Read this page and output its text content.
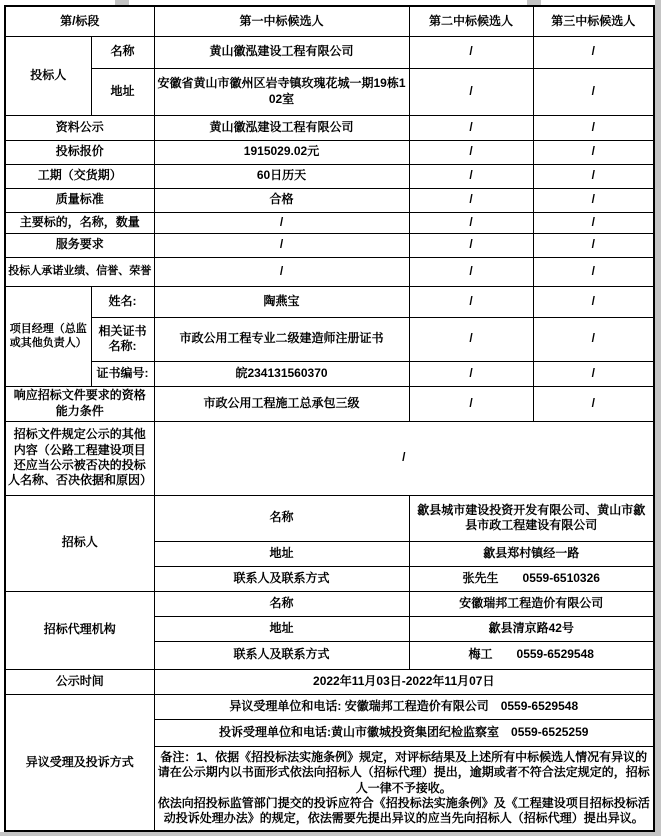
第/标段		第一中标候选人	第二中标候选人	第三中标候选人
投标人	名称	黄山徽泓建设工程有限公司	/	/
	地址	安徽省黄山市徽州区岩寺镇玫瑰花城一期19栋102室	/	/
资料公示		黄山徽泓建设工程有限公司	/	/
投标报价		1915029.02元	/	/
工期（交货期）		60日历天	/	/
质量标准		合格	/	/
主要标的，名称，数量		/	/	/
服务要求		/	/	/
投标人承诺业绩、信誉、荣誉		/	/	/
项目经理（总监或其他负责人）	姓名:	陶燕宝	/	/
	相关证书名称:	市政公用工程专业二级建造师注册证书	/	/
	证书编号:	皖234131560370	/	/
响应招标文件要求的资格能力条件		市政公用工程施工总承包三级	/	/
招标文件规定公示的其他内容（公路工程建设项目还应当公示被否决的投标人名称、否决依据和原因）		/		
招标人		名称	歙县城市建设投资开发有限公司、黄山市歙县市政工程建设有限公司	
		地址	歙县郑村镇经一路	
		联系人及联系方式	张先生　　0559-6510326	
招标代理机构		名称	安徽瑞邦工程造价有限公司	
		地址	歙县清京路42号	
		联系人及联系方式	梅工　　0559-6529548	
公示时间		2022年11月03日-2022年11月07日		
异议受理及投诉方式		异议受理单位和电话: 安徽瑞邦工程造价有限公司　0559-6529548		
		投诉受理单位和电话:黄山市徽城投资集团纪检监察室　0559-6525259		

		备注：1、依据《招投标法实施条例》规定，对评标结果及上述所有中标候选人情况有异议的请在公示期内以书面形式依法向招标人（招标代理）提出，逾期或者不符合法定规定的，招标人一律不予接收。

依法向招投标监管部门提交的投诉应符合《招投标法实施条例》及《工程建设项目招标投标活动投诉处理办法》的规定，依法需要先提出异议的应当先向招标人（招标代理）提出异议。		
